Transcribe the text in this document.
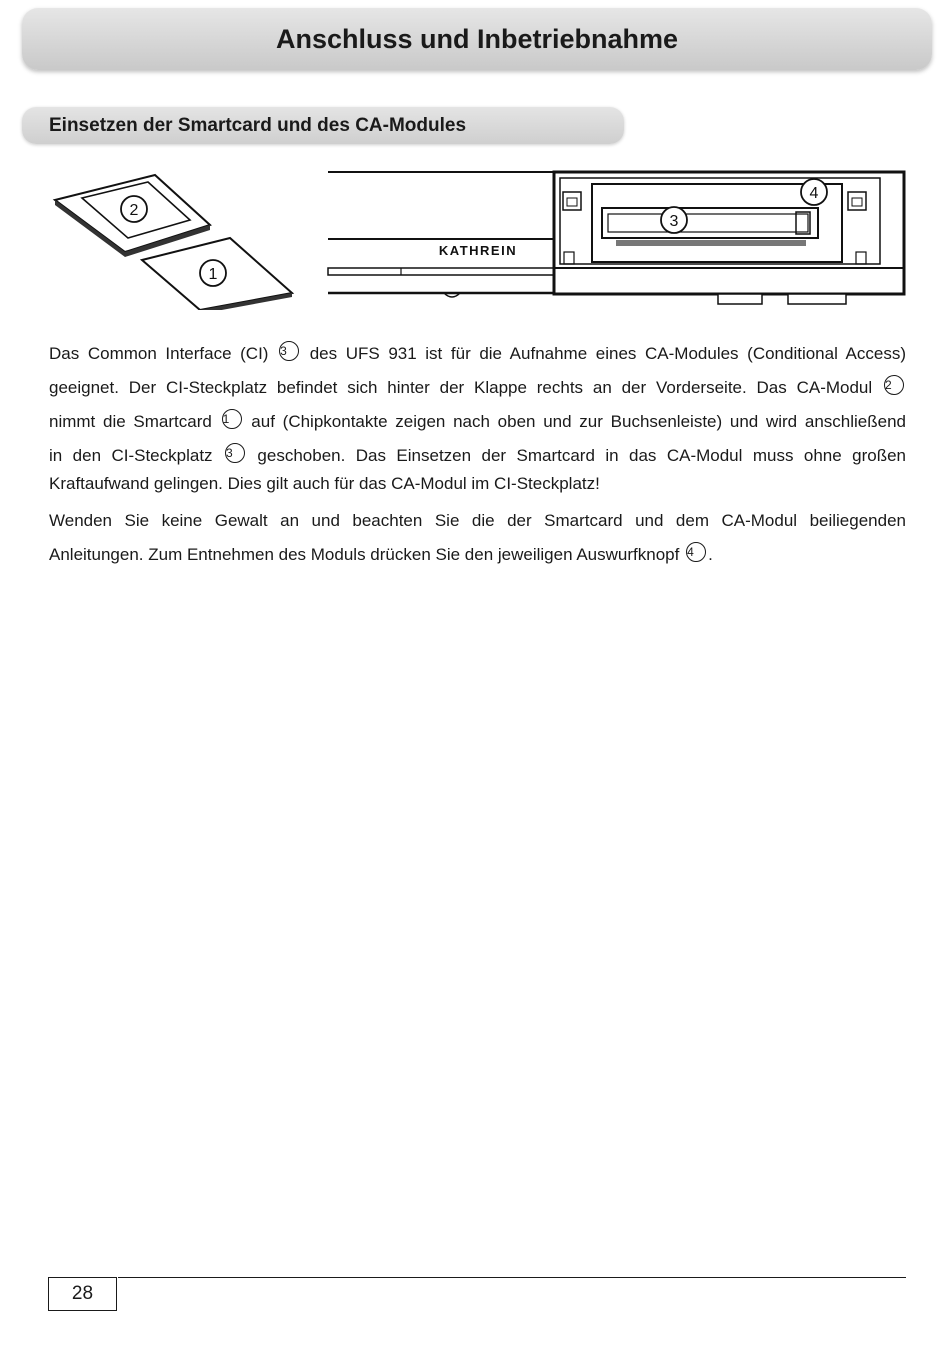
Anschluss und Inbetriebnahme
Einsetzen der Smartcard und des CA-Modules
2
1
KATHREIN
4
3
Das Common Interface (CI) 3 des UFS 931 ist für die Aufnahme eines CA-Modules (Conditional Access)
geeignet. Der CI-Steckplatz befindet sich hinter der Klappe rechts an der Vorderseite. Das CA-Modul 2
nimmt die Smartcard 1 auf (Chipkontakte zeigen nach oben und zur Buchsenleiste) und wird anschließend
in den CI-Steckplatz 3 geschoben. Das Einsetzen der Smartcard in das CA-Modul muss ohne großen
Kraftaufwand gelingen. Dies gilt auch für das CA-Modul im CI-Steckplatz!
Wenden Sie keine Gewalt an und beachten Sie die der Smartcard und dem CA-Modul beiliegenden
Anleitungen. Zum Entnehmen des Moduls drücken Sie den jeweiligen Auswurfknopf 4 .
28
